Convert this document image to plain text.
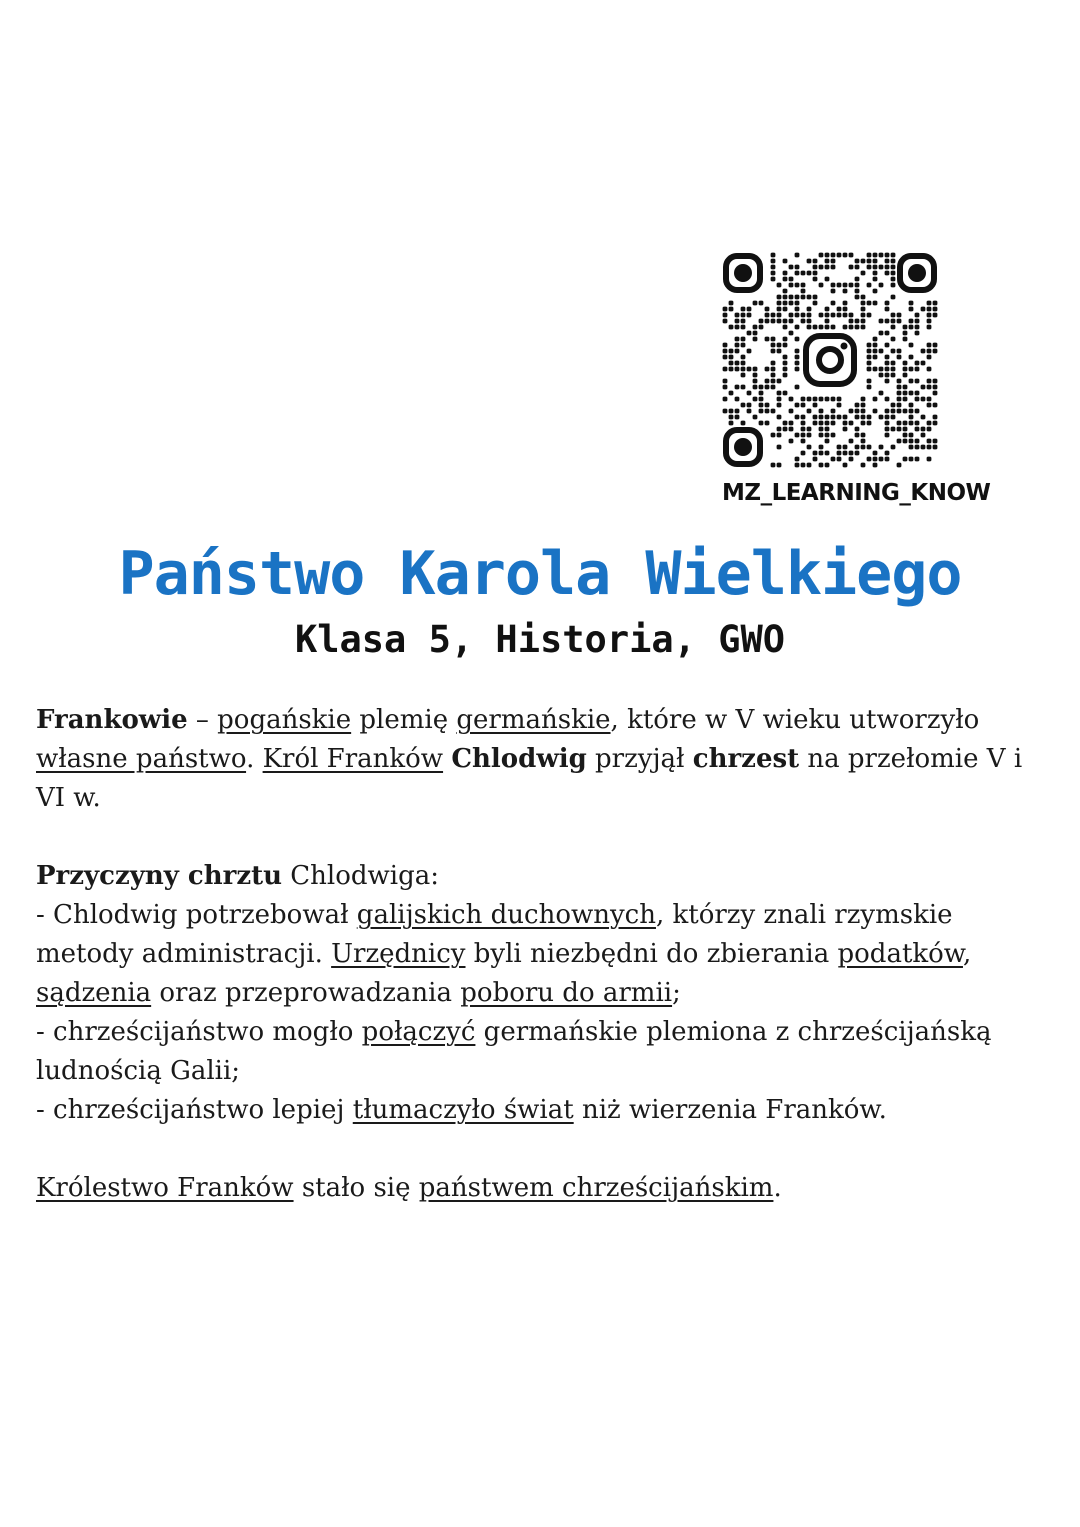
MZ_LEARNING_KNOW
Państwo Karola Wielkiego
Klasa 5, Historia, GWO

Frankowie – pogańskie plemię germańskie, które w V wieku utworzyło własne państwo. Król Franków Chlodwig przyjął chrzest na przełomie V i VI w.

Przyczyny chrztu Chlodwiga:

- Chlodwig potrzebował galijskich duchownych, którzy znali rzymskie metody administracji. Urzędnicy byli niezbędni do zbierania podatków, sądzenia oraz przeprowadzania poboru do armii;

- chrześcijaństwo mogło połączyć germańskie plemiona z chrześcijańską ludnością Galii;

- chrześcijaństwo lepiej tłumaczyło świat niż wierzenia Franków.

Królestwo Franków stało się państwem chrześcijańskim.
